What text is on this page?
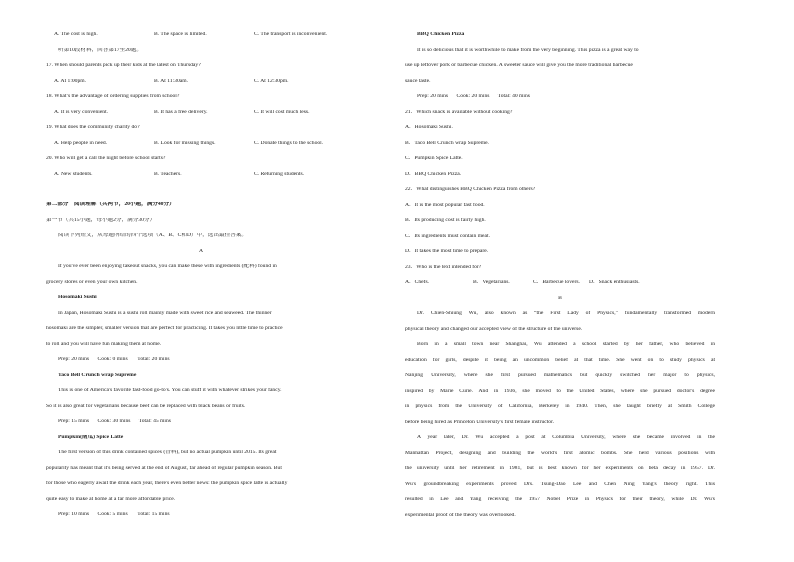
A. The cost is high.	B. The space is limited.	C. The transport is inconvenient.
听第10段材料，回答第17至20题。
17. When should parents pick up their kids at the latest on Thursday?
A. At 1:00pm.	B. At 11:30am.	C. At 12:30pm.
18. What’s the advantage of ordering supplies from school?
A. It is very convenient.	B. It has a free delivery.	C. It will cost much less.
19. What does the community charity do?
A. Help people in need.	B. Look for missing things.	C. Donate things to the school.
20. Who will get a call the night before school starts?
A. New students.	B. Teachers.	C. Returning students.
第二部分　阅读理解（共两节，20小题，满分40分）
第一节（共15小题，每小题2分，满分30分）
阅读下列短文，从每题所给的四个选项（A、B、C和D）中，选出最佳答案。
A
If you've ever been enjoying takeout snacks, you can make these with ingredients (配料) found in
grocery stores or even your own kitchen.
Hosomaki Sushi
In Japan, Hosomaki Sushi is a sushi roll mainly made with sweet rice and seaweed. The thinner
hosomaki are the simpler, smaller version that are perfect for practicing. It takes you little time to practice
to roll and you will have fun making them at home.
Prep: 20 mins      Cook: 0 mins       Total: 20 mins
Taco Bell Crunch wrap Supreme
This is one of America's favorite fast-food go-to's. You can stuff it with whatever strikes your fancy.
So it is also great for vegetarians because beef can be replaced with black beans or fruits.
Prep: 15 mins      Cook: 30 mins      Total: 45 mins
Pumpkin(南瓜) Spice Latte
The first version of this drink contained spices (香料), but no actual pumpkin until 2015. Its great
popularity has meant that it's being served at the end of August, far ahead of regular pumpkin season. But
for those who eagerly await the drink each year, there's even better news: the pumpkin spice latte is actually
quite easy to make at home at a far more affordable price.
Prep: 10 mins      Cook: 5 mins       Total: 15 mins
BBQ Chicken Pizza
It is so delicious that it is worthwhile to make from the very beginning. This pizza is a great way to
use up leftover pork or barbecue chicken. A sweeter sauce will give you the more traditional barbecue
sauce taste.
Prep: 20 mins      Cook: 20 mins      Total: 40 mins
21．Which snack is available without cooking?
A．Hosomaki Sushi.
B．Taco Bell Crunch wrap Supreme.
C．Pumpkin Spice Latte.
D．BBQ Chicken Pizza.
22．What distinguishes BBQ Chicken Pizza from others?
A．It is the most popular fast food.
B．Its producing cost is fairly high.
C．Its ingredients must contain meat.
D．It takes the most time to prepare.
23．Who is the text intended for?
A．Chefs.	B．Vegetarians.	C．Barbecue lovers.	D．Snack enthusiasts.
B
Dr. Chien-Shiung Wu, also known as “the First Lady of Physics,” fundamentally transformed modern
physical theory and changed our accepted view of the structure of the universe.
Born in a small town near Shanghai, Wu attended a school started by her father, who believed in
education for girls, despite it being an uncommon belief at that time. She went on to study physics at
Nanjing University, where she first pursued mathematics but quickly switched her major to physics,
inspired by Marie Curie. And in 1936, she moved to the United States, where she pursued doctor's degree
in physics from the University of California, Berkeley in 1940. Then, she taught briefly at Smith College
before being hired as Princeton University's first female instructor.
A year later, Dr. Wu accepted a post at Columbia University, where she became involved in the
Manhattan Project, designing and building the world's first atomic bombs. She held various positions with
the university until her retirement in 1981, but is best known for her experiments on beta decay in 1957. Dr.
Wu's groundbreaking experiments proved Drs. Tsung-Dao Lee and Chen Ning Yang's theory right. This
resulted in Lee and Yang receiving the 1957 Nobel Prize in Physics for their theory, while Dr. Wu's
experimental proof of the theory was overlooked.
